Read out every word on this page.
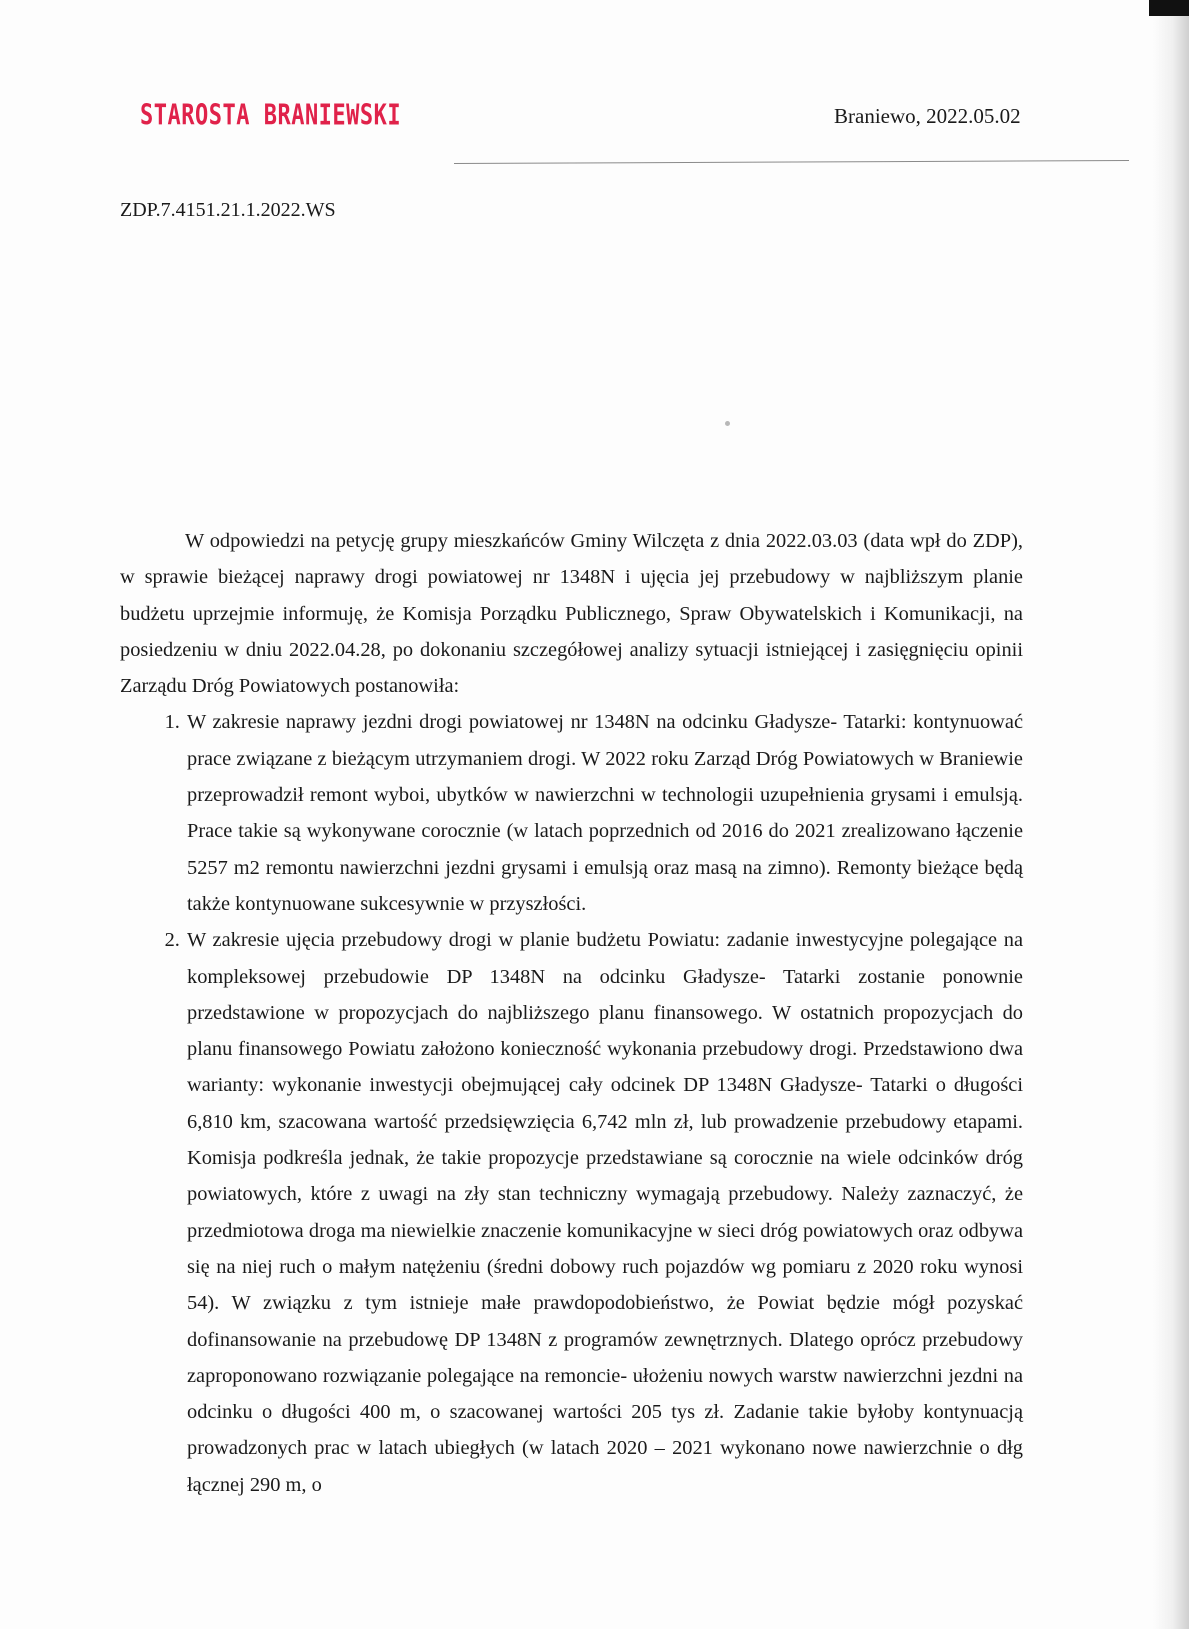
STAROSTA BRANIEWSKI	Braniewo, 2022.05.02
ZDP.7.4151.21.1.2022.WS

W odpowiedzi na petycję grupy mieszkańców Gminy Wilczęta z dnia 2022.03.03 (data wpł do ZDP), w sprawie bieżącej naprawy drogi powiatowej nr 1348N i ujęcia jej przebudowy w najbliższym planie budżetu uprzejmie informuję, że Komisja Porządku Publicznego, Spraw Obywatelskich i Komunikacji, na posiedzeniu w dniu 2022.04.28, po dokonaniu szczegółowej analizy sytuacji istniejącej i zasięgnięciu opinii Zarządu Dróg Powiatowych postanowiła:

1. W zakresie naprawy jezdni drogi powiatowej nr 1348N na odcinku Gładysze- Tatarki: kontynuować prace związane z bieżącym utrzymaniem drogi. W 2022 roku Zarząd Dróg Powiatowych w Braniewie przeprowadził remont wyboi, ubytków w nawierzchni w technologii uzupełnienia grysami i emulsją. Prace takie są wykonywane corocznie (w latach poprzednich od 2016 do 2021 zrealizowano łączenie 5257 m2 remontu nawierzchni jezdni grysami i emulsją oraz masą na zimno). Remonty bieżące będą także kontynuowane sukcesywnie w przyszłości.
2. W zakresie ujęcia przebudowy drogi w planie budżetu Powiatu: zadanie inwestycyjne polegające na kompleksowej przebudowie DP 1348N na odcinku Gładysze- Tatarki zostanie ponownie przedstawione w propozycjach do najbliższego planu finansowego. W ostatnich propozycjach do planu finansowego Powiatu założono konieczność wykonania przebudowy drogi. Przedstawiono dwa warianty: wykonanie inwestycji obejmującej cały odcinek DP 1348N Gładysze- Tatarki o długości 6,810 km, szacowana wartość przedsięwzięcia 6,742 mln zł, lub prowadzenie przebudowy etapami. Komisja podkreśla jednak, że takie propozycje przedstawiane są corocznie na wiele odcinków dróg powiatowych, które z uwagi na zły stan techniczny wymagają przebudowy. Należy zaznaczyć, że przedmiotowa droga ma niewielkie znaczenie komunikacyjne w sieci dróg powiatowych oraz odbywa się na niej ruch o małym natężeniu (średni dobowy ruch pojazdów wg pomiaru z 2020 roku wynosi 54). W związku z tym istnieje małe prawdopodobieństwo, że Powiat będzie mógł pozyskać dofinansowanie na przebudowę DP 1348N z programów zewnętrznych. Dlatego oprócz przebudowy zaproponowano rozwiązanie polegające na remoncie- ułożeniu nowych warstw nawierzchni jezdni na odcinku o długości 400 m, o szacowanej wartości 205 tys zł. Zadanie takie byłoby kontynuacją prowadzonych prac w latach ubiegłych (w latach 2020 – 2021 wykonano nowe nawierzchnie o dłg łącznej 290 m, o
